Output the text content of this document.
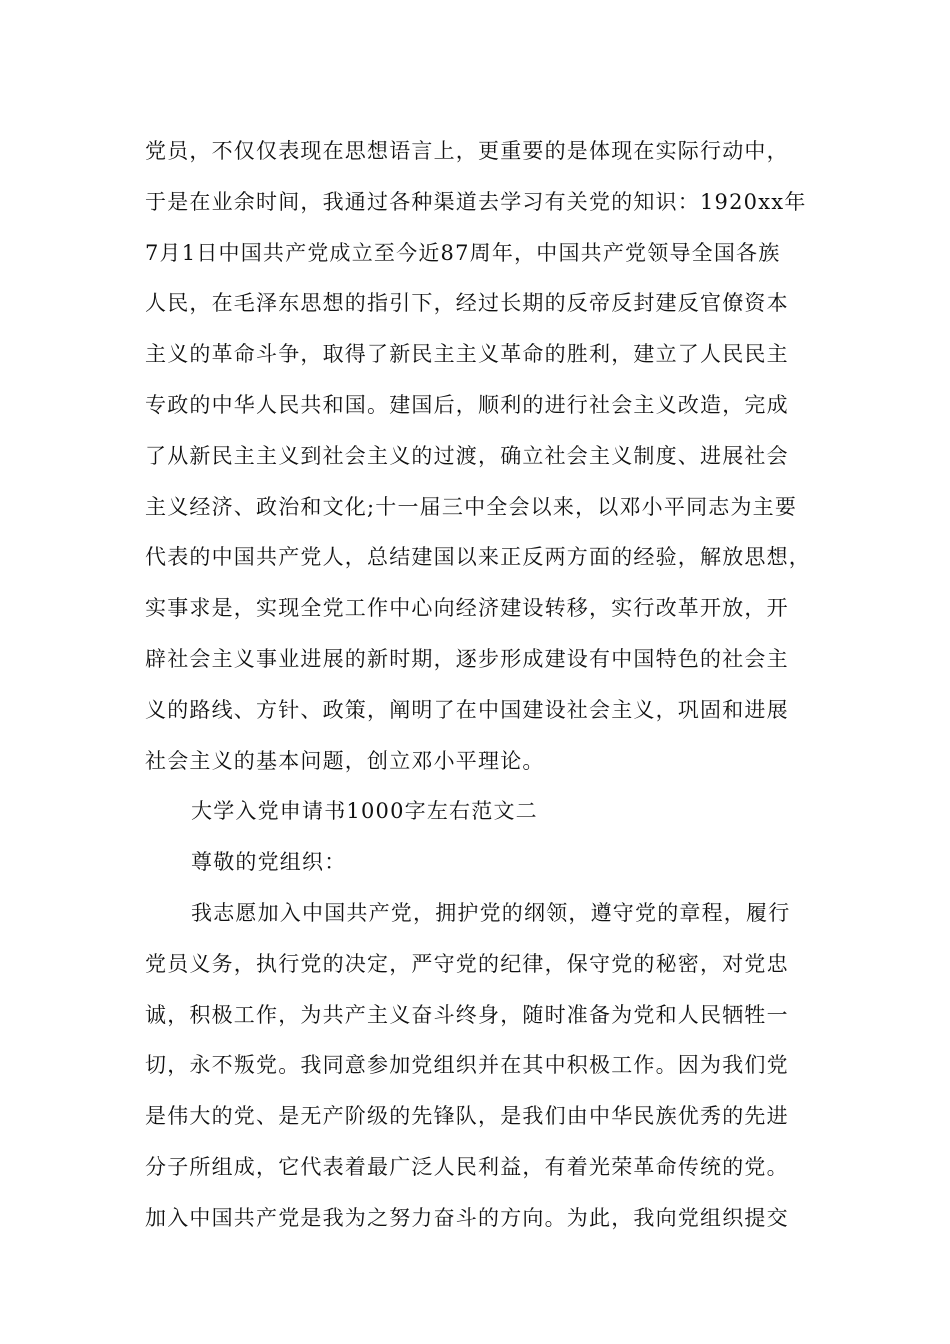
党员，不仅仅表现在思想语言上，更重要的是体现在实际行动中，
于是在业余时间，我通过各种渠道去学习有关党的知识：1920xx年
7月1日中国共产党成立至今近87周年，中国共产党领导全国各族
人民，在毛泽东思想的指引下，经过长期的反帝反封建反官僚资本
主义的革命斗争，取得了新民主主义革命的胜利，建立了人民民主
专政的中华人民共和国。建国后，顺利的进行社会主义改造，完成
了从新民主主义到社会主义的过渡，确立社会主义制度、进展社会
主义经济、政治和文化;十一届三中全会以来，以邓小平同志为主要
代表的中国共产党人，总结建国以来正反两方面的经验，解放思想，
实事求是，实现全党工作中心向经济建设转移，实行改革开放，开
辟社会主义事业进展的新时期，逐步形成建设有中国特色的社会主
义的路线、方针、政策，阐明了在中国建设社会主义，巩固和进展
社会主义的基本问题，创立邓小平理论。
大学入党申请书1000字左右范文二
尊敬的党组织：
我志愿加入中国共产党，拥护党的纲领，遵守党的章程，履行
党员义务，执行党的决定，严守党的纪律，保守党的秘密，对党忠
诚，积极工作，为共产主义奋斗终身，随时准备为党和人民牺牲一
切，永不叛党。我同意参加党组织并在其中积极工作。因为我们党
是伟大的党、是无产阶级的先锋队，是我们由中华民族优秀的先进
分子所组成，它代表着最广泛人民利益，有着光荣革命传统的党。
加入中国共产党是我为之努力奋斗的方向。为此，我向党组织提交
